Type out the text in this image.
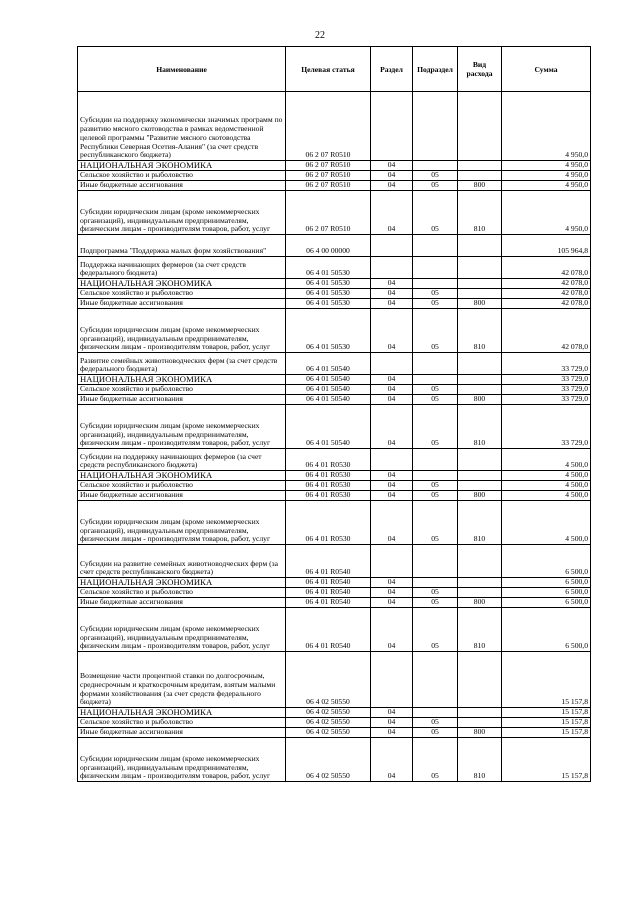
22
Наименование	Целевая статья	Раздел	Подраздел	Вид расхода	Сумма
Субсидии на поддержку экономически значимых программ по развитию мясного скотоводства в рамках ведомственной целевой программы "Развитие мясного скотоводства Республики Северная Осетия-Алания" (за счет средств республиканского бюджета)	06 2 07 R0510				4 950,0
НАЦИОНАЛЬНАЯ ЭКОНОМИКА	06 2 07 R0510	04			4 950,0
Сельское хозяйство и рыболовство	06 2 07 R0510	04	05		4 950,0
Иные бюджетные ассигнования	06 2 07 R0510	04	05	800	4 950,0
Субсидии юридическим лицам (кроме некоммерческих организаций), индивидуальным предпринимателям, физическим лицам - производителям товаров, работ, услуг	06 2 07 R0510	04	05	810	4 950,0
Подпрограмма "Поддержка малых форм хозяйствования"	06 4 00 00000				105 964,8
Поддержка начинающих фермеров (за счет средств федерального бюджета)	06 4 01 50530				42 078,0
НАЦИОНАЛЬНАЯ ЭКОНОМИКА	06 4 01 50530	04			42 078,0
Сельское хозяйство и рыболовство	06 4 01 50530	04	05		42 078,0
Иные бюджетные ассигнования	06 4 01 50530	04	05	800	42 078,0
Субсидии юридическим лицам (кроме некоммерческих организаций), индивидуальным предпринимателям, физическим лицам - производителям товаров, работ, услуг	06 4 01 50530	04	05	810	42 078,0
Развитие семейных животноводческих ферм (за счет средств федерального бюджета)	06 4 01 50540				33 729,0
НАЦИОНАЛЬНАЯ ЭКОНОМИКА	06 4 01 50540	04			33 729,0
Сельское хозяйство и рыболовство	06 4 01 50540	04	05		33 729,0
Иные бюджетные ассигнования	06 4 01 50540	04	05	800	33 729,0
Субсидии юридическим лицам (кроме некоммерческих организаций), индивидуальным предпринимателям, физическим лицам - производителям товаров, работ, услуг	06 4 01 50540	04	05	810	33 729,0
Субсидии на поддержку начинающих фермеров (за счет средств республиканского бюджета)	06 4 01 R0530				4 500,0
НАЦИОНАЛЬНАЯ ЭКОНОМИКА	06 4 01 R0530	04			4 500,0
Сельское хозяйство и рыболовство	06 4 01 R0530	04	05		4 500,0
Иные бюджетные ассигнования	06 4 01 R0530	04	05	800	4 500,0
Субсидии юридическим лицам (кроме некоммерческих организаций), индивидуальным предпринимателям, физическим лицам - производителям товаров, работ, услуг	06 4 01 R0530	04	05	810	4 500,0
Субсидии на развитие семейных животноводческих ферм (за счет средств республиканского бюджета)	06 4 01 R0540				6 500,0
НАЦИОНАЛЬНАЯ ЭКОНОМИКА	06 4 01 R0540	04			6 500,0
Сельское хозяйство и рыболовство	06 4 01 R0540	04	05		6 500,0
Иные бюджетные ассигнования	06 4 01 R0540	04	05	800	6 500,0
Субсидии юридическим лицам (кроме некоммерческих организаций), индивидуальным предпринимателям, физическим лицам - производителям товаров, работ, услуг	06 4 01 R0540	04	05	810	6 500,0
Возмещение части процентной ставки по долгосрочным, среднесрочным и краткосрочным кредитам, взятым малыми формами хозяйствования (за счет средств федерального бюджета)	06 4 02 50550				15 157,8
НАЦИОНАЛЬНАЯ ЭКОНОМИКА	06 4 02 50550	04			15 157,8
Сельское хозяйство и рыболовство	06 4 02 50550	04	05		15 157,8
Иные бюджетные ассигнования	06 4 02 50550	04	05	800	15 157,8
Субсидии юридическим лицам (кроме некоммерческих организаций), индивидуальным предпринимателям, физическим лицам - производителям товаров, работ, услуг	06 4 02 50550	04	05	810	15 157,8
